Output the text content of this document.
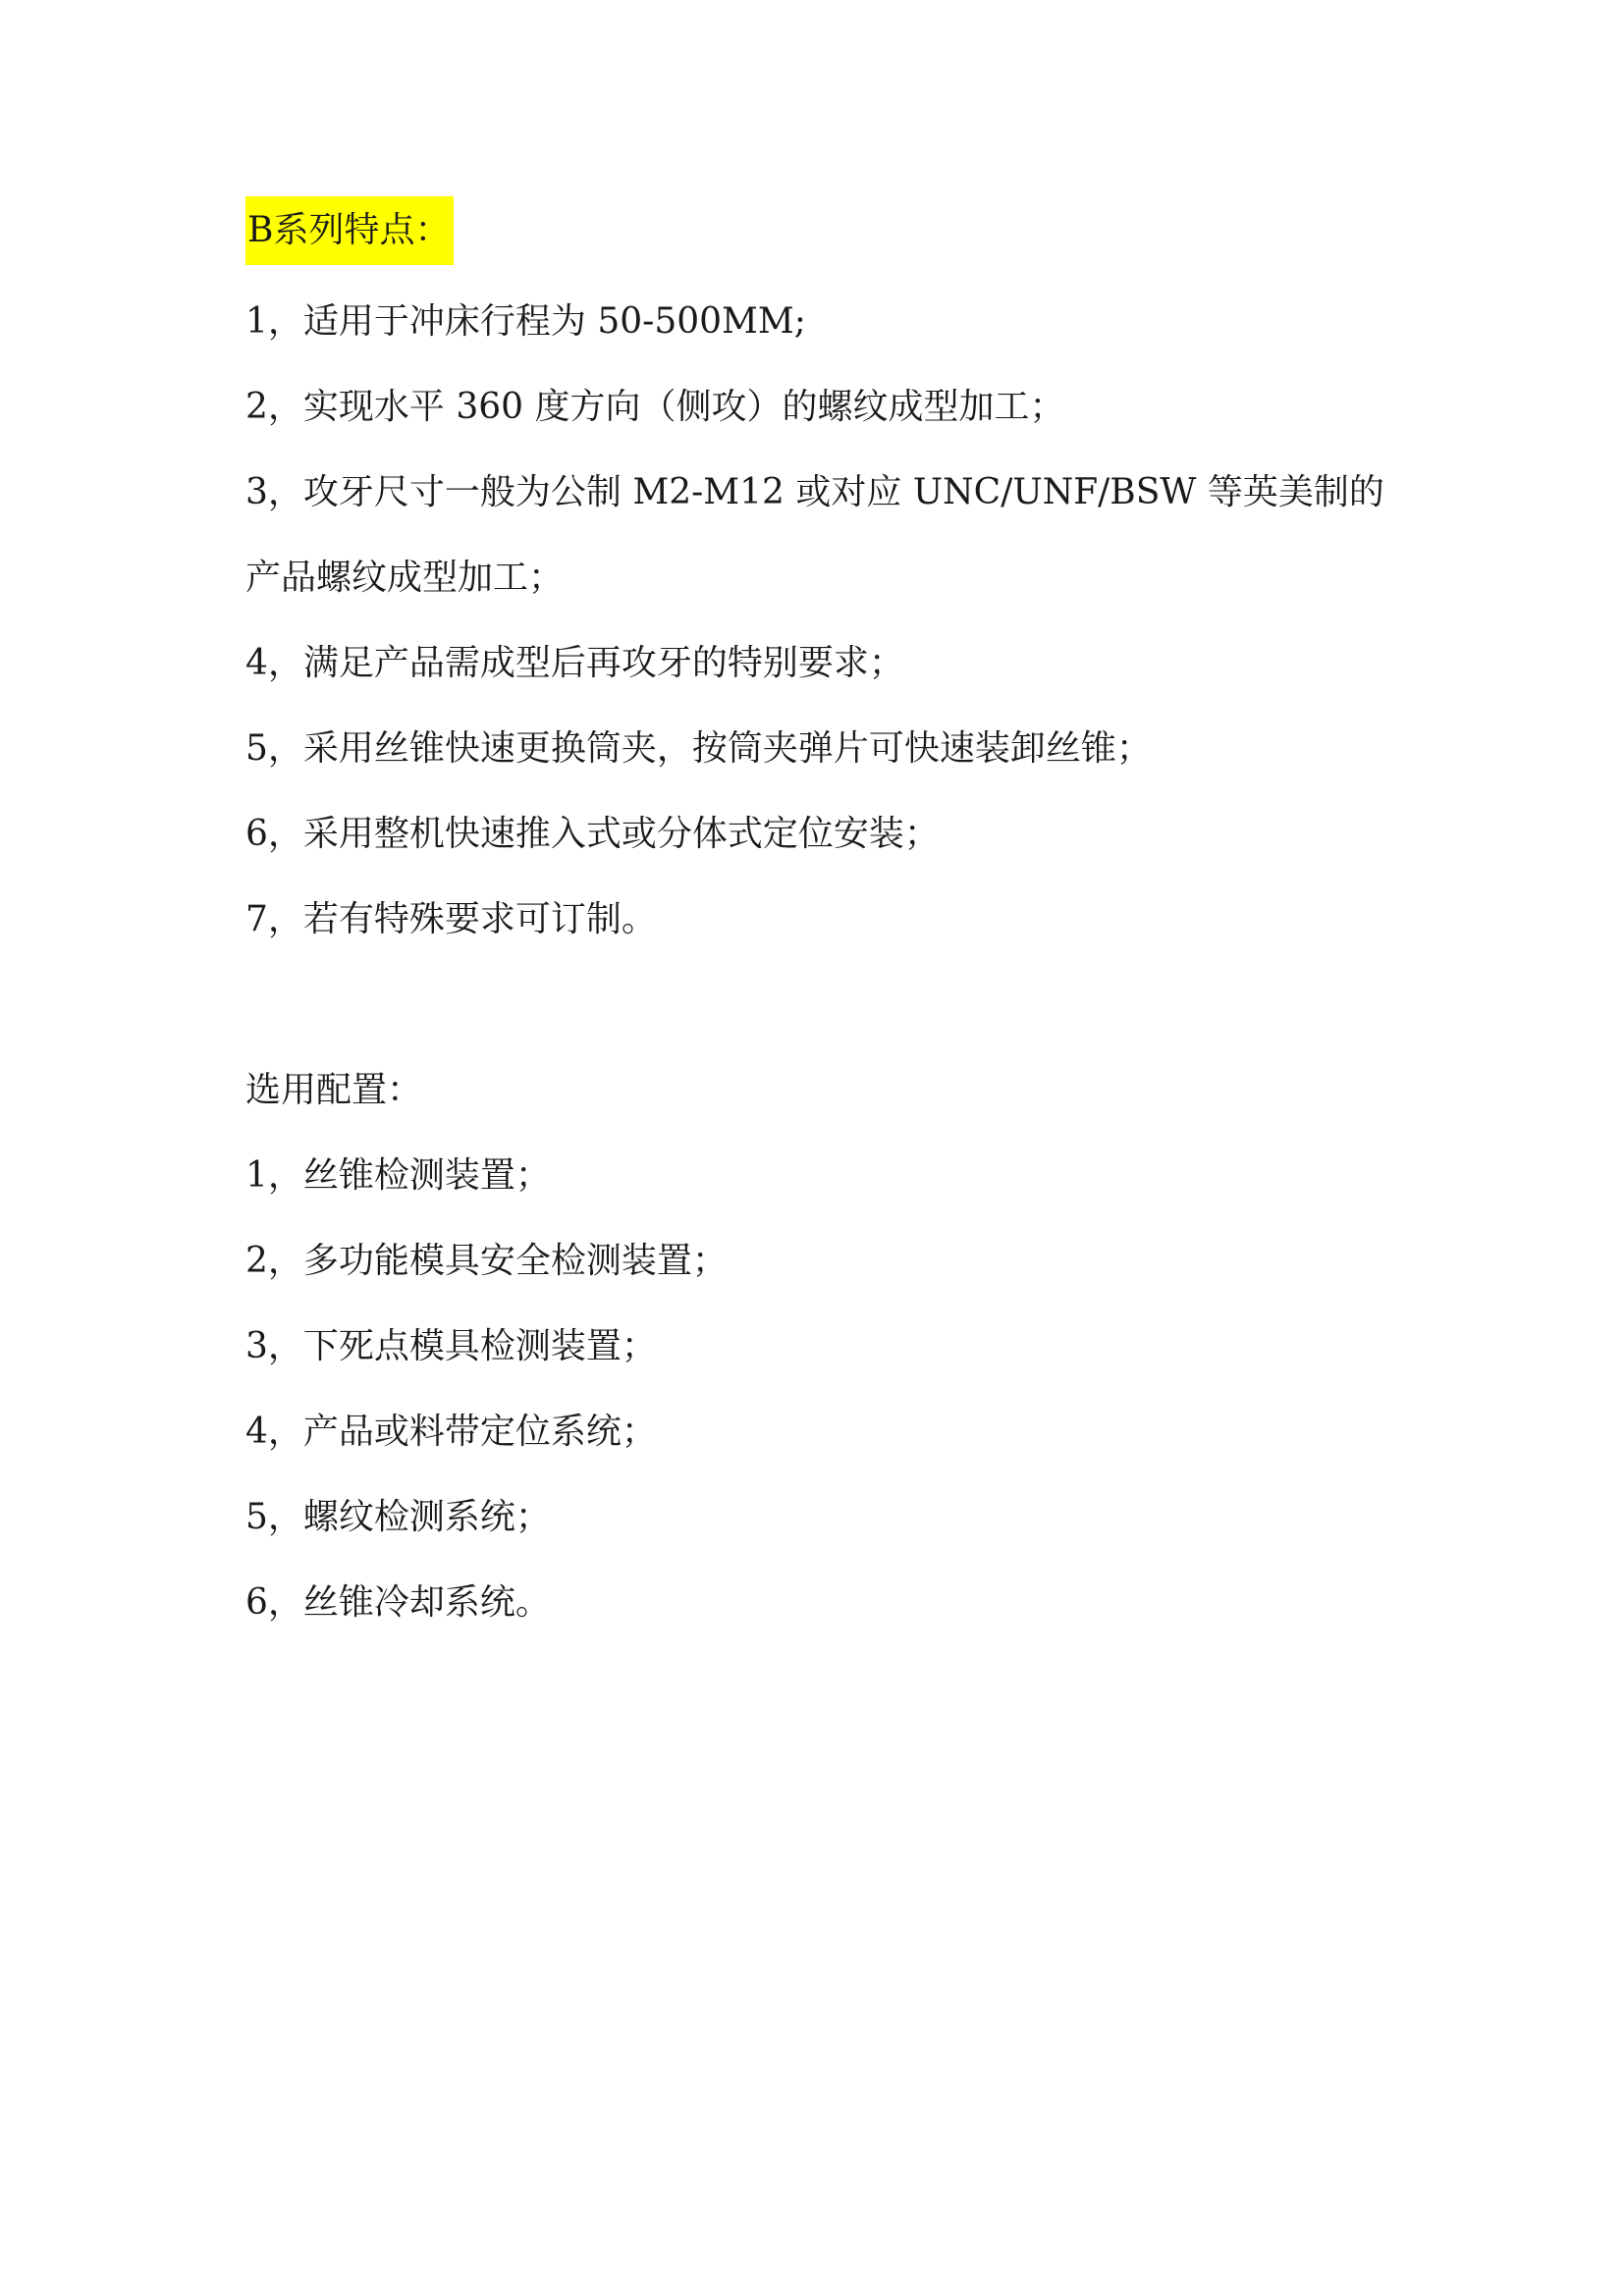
B系列特点：

1，适用于冲床行程为 50-500MM;

2，实现水平 360 度方向（侧攻）的螺纹成型加工；

3，攻牙尺寸一般为公制 M2-M12 或对应 UNC/UNF/BSW 等英美制的

产品螺纹成型加工；

4，满足产品需成型后再攻牙的特别要求；

5，采用丝锥快速更换筒夹，按筒夹弹片可快速装卸丝锥；

6，采用整机快速推入式或分体式定位安装；

7，若有特殊要求可订制。

选用配置：

1，丝锥检测装置；

2，多功能模具安全检测装置；

3，下死点模具检测装置；

4，产品或料带定位系统；

5，螺纹检测系统；

6，丝锥冷却系统。
